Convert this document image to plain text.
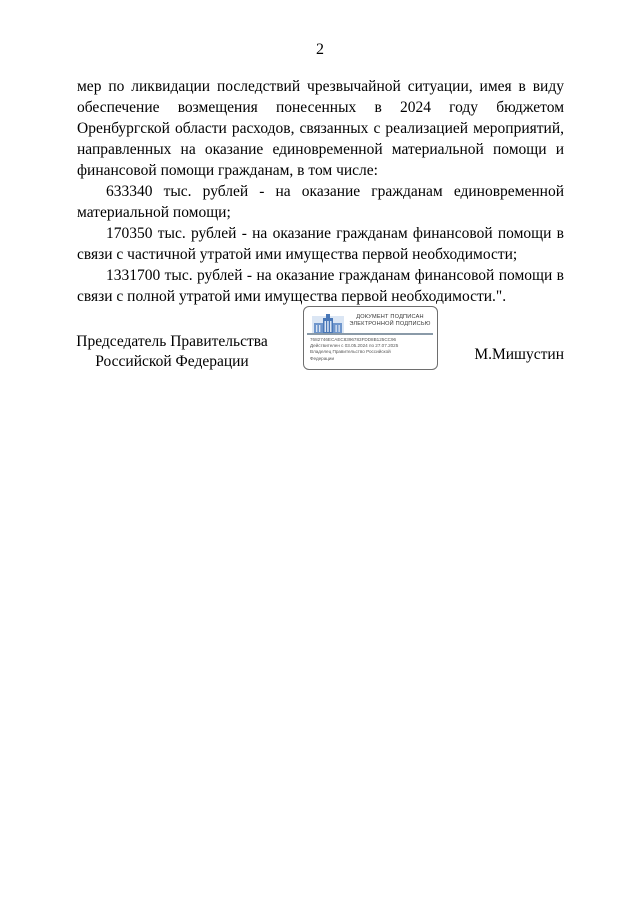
2

мер по ликвидации последствий чрезвычайной ситуации, имея в виду обеспечение возмещения понесенных в 2024 году бюджетом Оренбургской области расходов, связанных с реализацией мероприятий, направленных на оказание единовременной материальной помощи и финансовой помощи гражданам, в том числе:

633340 тыс. рублей - на оказание гражданам единовременной материальной помощи;

170350 тыс. рублей - на оказание гражданам финансовой помощи в связи с частичной утратой ими имущества первой необходимости;

1331700 тыс. рублей - на оказание гражданам финансовой помощи в связи с полной утратой ими имущества первой необходимости.".

Председатель Правительства
Российской Федерации
ДОКУМЕНТ ПОДПИСАН
ЭЛЕКТРОННОЙ ПОДПИСЬЮ
7682746ECAEC8396783FDD8B125CC96
Действителен с 03.05.2024 по 27.07.2025
Владелец Правительство Российской
Федерации	М.Мишустин
